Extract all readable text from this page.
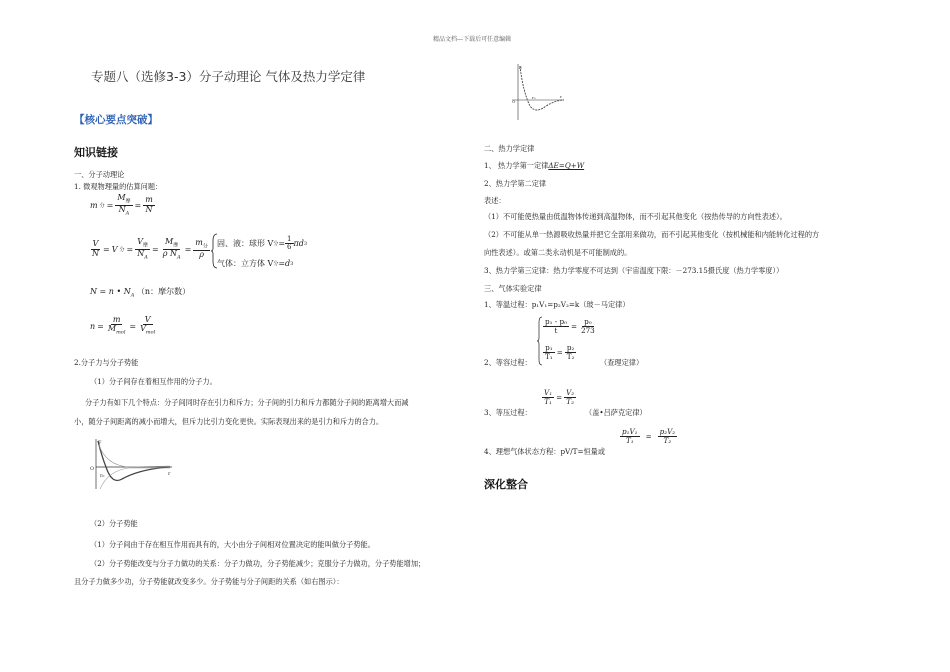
精品文档---下载后可任意编辑
专题八（选修3-3）分子动理论 气体及热力学定律
【核心要点突破】
知识链接
一、分子动理论
1. 微观物理量的估算问题：
m 分 = $\frac{M_摩}{N_A} = \frac{m}{N}$
$\frac{V}{N} = V$ 分 = $\frac{V_摩}{N_A} = \frac{M_摩}{\rho N_A} = \frac{m_分}{\rho}$ 固、液：球形 V 分 = $\frac{1}{6}$ πd 3
气体：立方体 V 分 = d 3
N = n • $N_A$ （n：摩尔数）
$n = \frac{m}{M_{mol}} = \frac{V}{V_{mol}}$
2.分子力与分子势能
（1）分子间存在着相互作用的分子力。
分子力有如下几个特点：分子间同时存在引力和斥力；分子间的引力和斥力都随分子间的距离增大而减
小，随分子间距离的减小而增大，但斥力比引力变化更快。实际表现出来的是引力和斥力的合力。
F
O
r₀	r
（2）分子势能
（1）分子间由于存在相互作用而具有的，大小由分子间相对位置决定的能叫做分子势能。
（2）分子势能改变与分子力做功的关系：分子力做功，分子势能减少；克服分子力做功，分子势能增加；
且分子力做多少功，分子势能就改变多少。分子势能与分子间距的关系（如右图示）：
E
O
r₀	r
二、热力学定律
1、 热力学第一定律ΔE=Q+W
2、热力学第二定律
表述：
（1）不可能使热量由低温物体传递到高温物体，而不引起其他变化（按热传导的方向性表述）。
（2）不可能从单一热源吸收热量并把它全部用来做功，而不引起其他变化（按机械能和内能转化过程的方
向性表述）。或第二类永动机是不可能制成的。
3、热力学第三定律：热力学零度不可达到（宇宙温度下限：－273.15摄氏度（热力学零度））
三、气体实验定律
1、等温过程：p₁V₁=p₂V₂=k（玻－马定律）
$\frac{\text{p₁ - p₀}}{t} = \frac{\text{p₀}}{273}$
$\frac{\text{p₁}}{\text{T₁}} = \frac{\text{p₂}}{\text{T₂}}$
2、等容过程：	（查理定律）
3、等压过程：
$\frac{\text{V₁}}{\text{T₁}} = \frac{\text{V₂}}{\text{T₂}}$
（盖•吕萨克定律）
4、理想气体状态方程：pV/T=恒量或
$\frac{\text{p₁V₁}}{\text{T₁}} = \frac{\text{p₂V₂}}{\text{T₂}}$
深化整合
